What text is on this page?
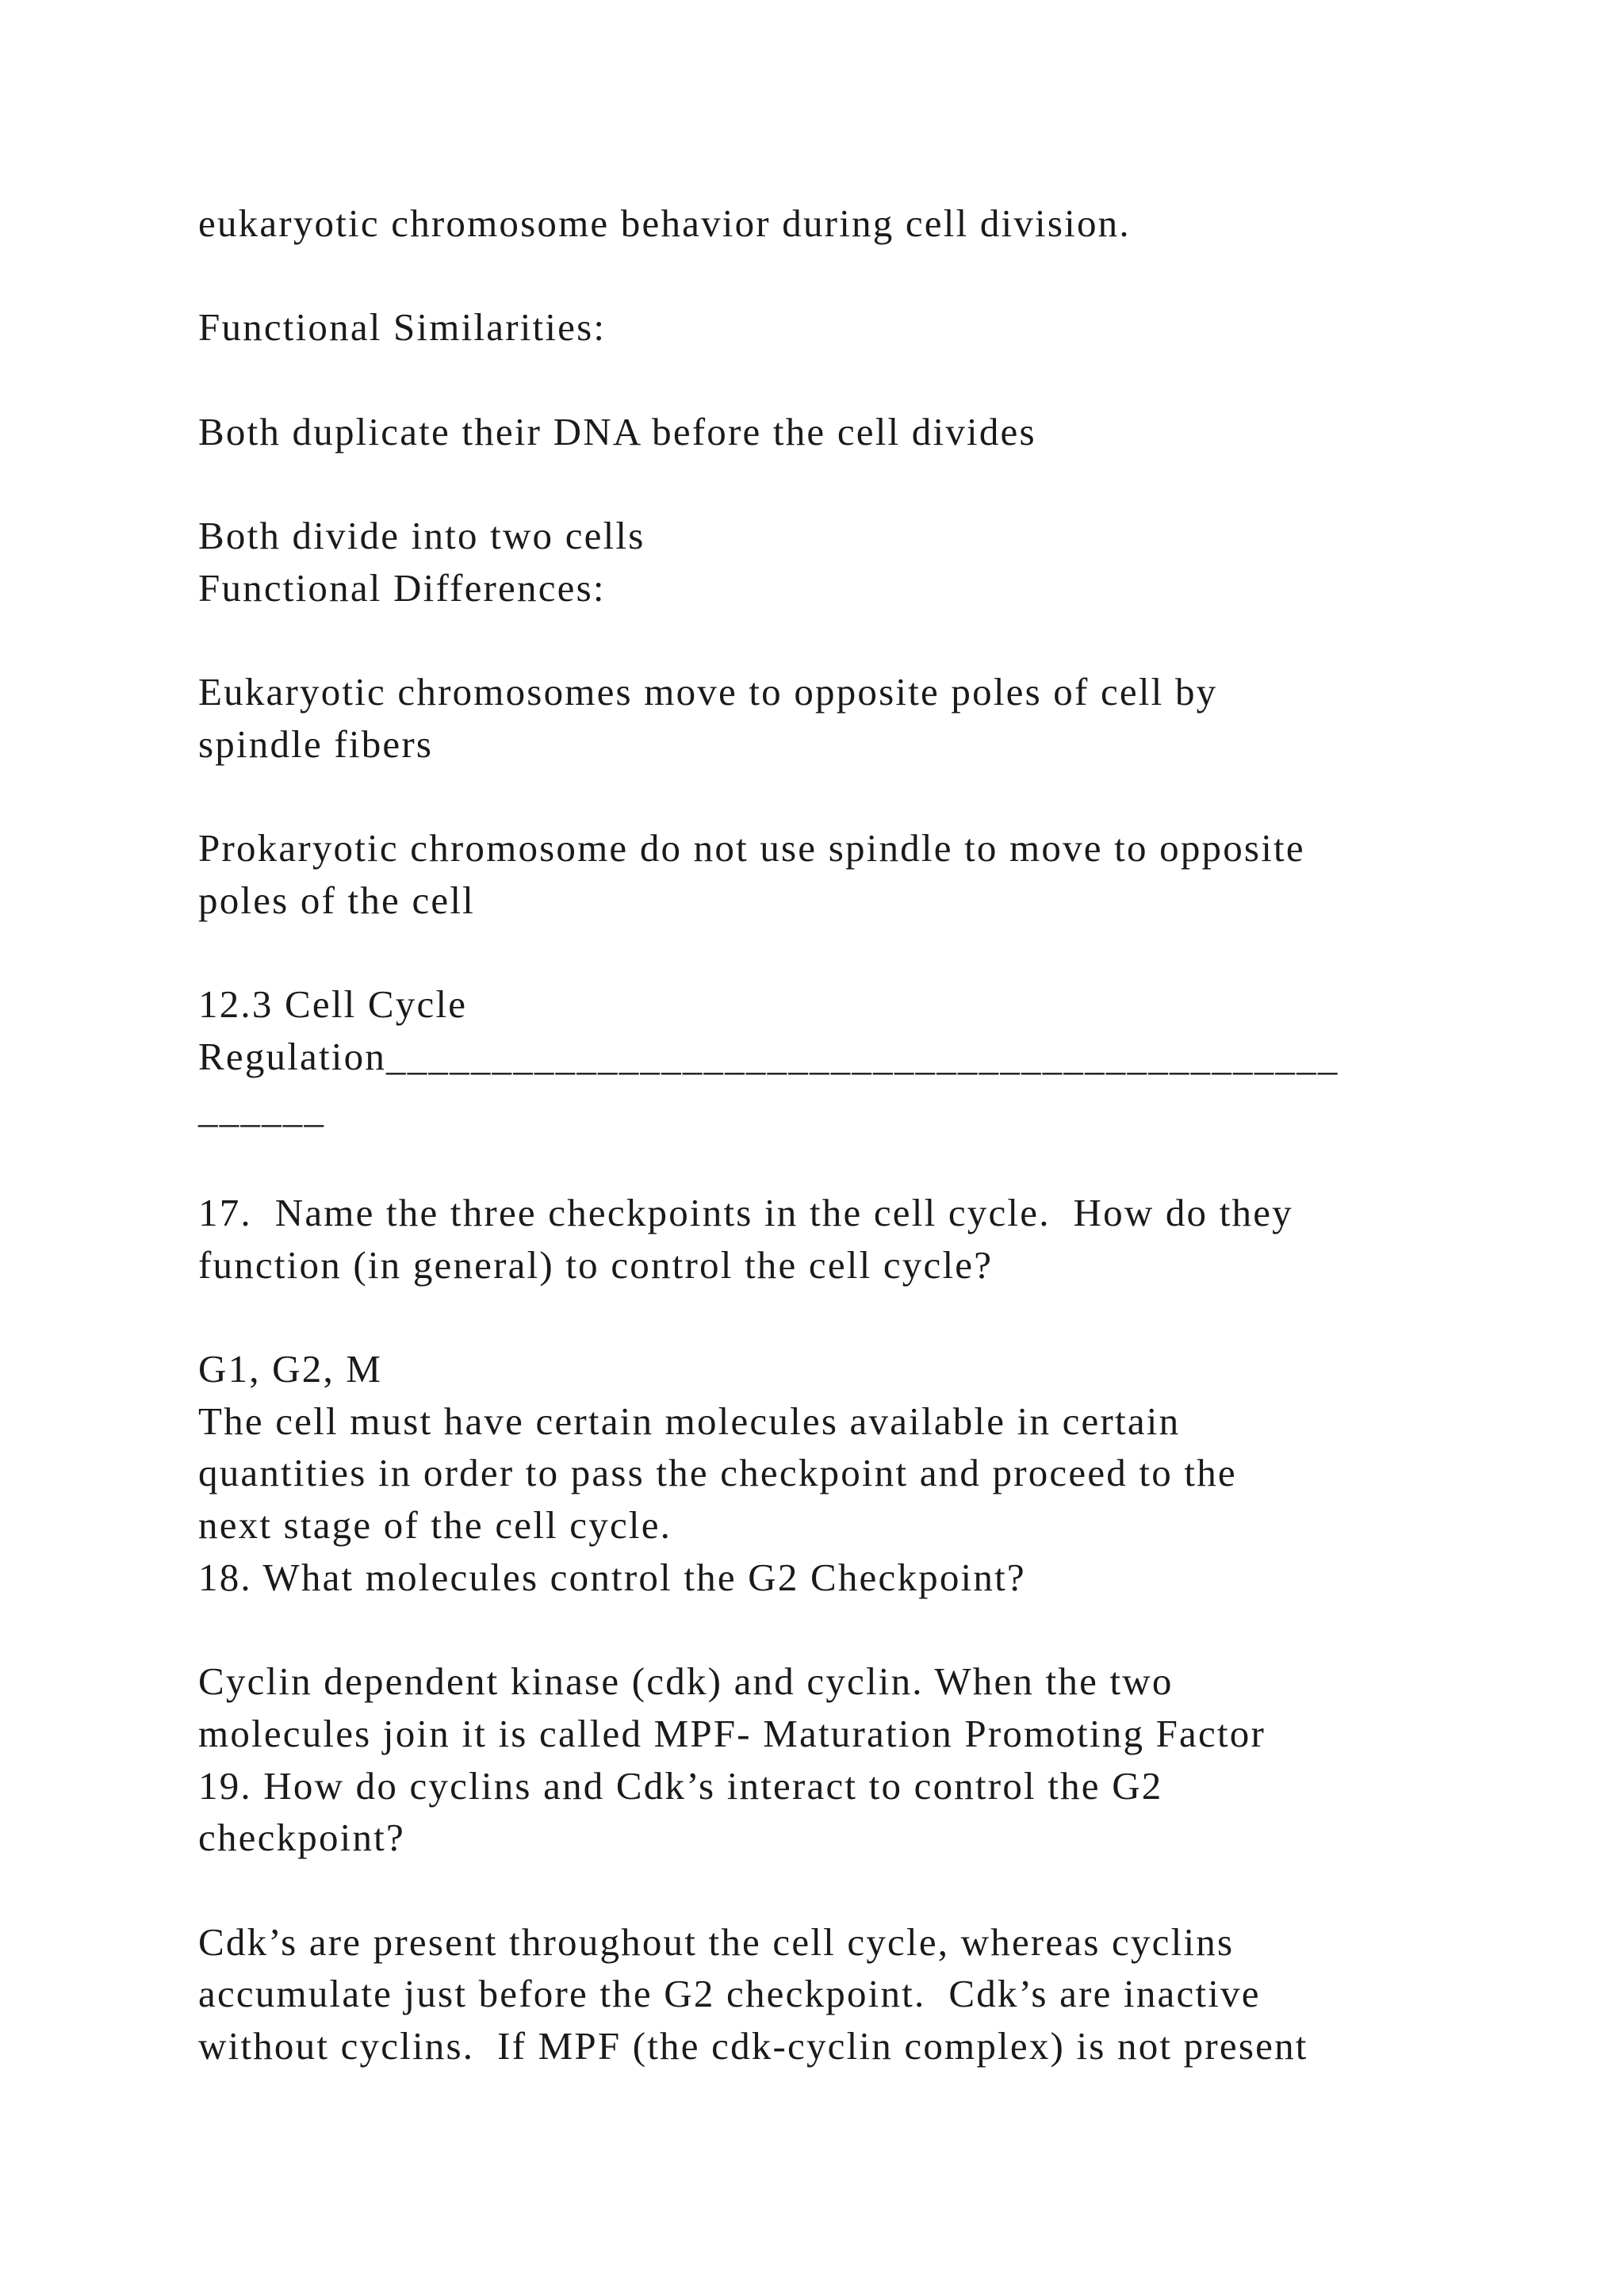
eukaryotic chromosome behavior during cell division.

Functional Similarities:

Both duplicate their DNA before the cell divides

Both divide into two cells

Functional Differences:

Eukaryotic chromosomes move to opposite poles of cell by

spindle fibers

Prokaryotic chromosome do not use spindle to move to opposite

poles of the cell

12.3 Cell Cycle

Regulation_____________________________________________

______

17.  Name the three checkpoints in the cell cycle.  How do they

function (in general) to control the cell cycle?

G1, G2, M

The cell must have certain molecules available in certain

quantities in order to pass the checkpoint and proceed to the

next stage of the cell cycle.

18. What molecules control the G2 Checkpoint?

Cyclin dependent kinase (cdk) and cyclin. When the two

molecules join it is called MPF- Maturation Promoting Factor

19. How do cyclins and Cdk’s interact to control the G2

checkpoint?

Cdk’s are present throughout the cell cycle, whereas cyclins

accumulate just before the G2 checkpoint.  Cdk’s are inactive

without cyclins.  If MPF (the cdk-cyclin complex) is not present
